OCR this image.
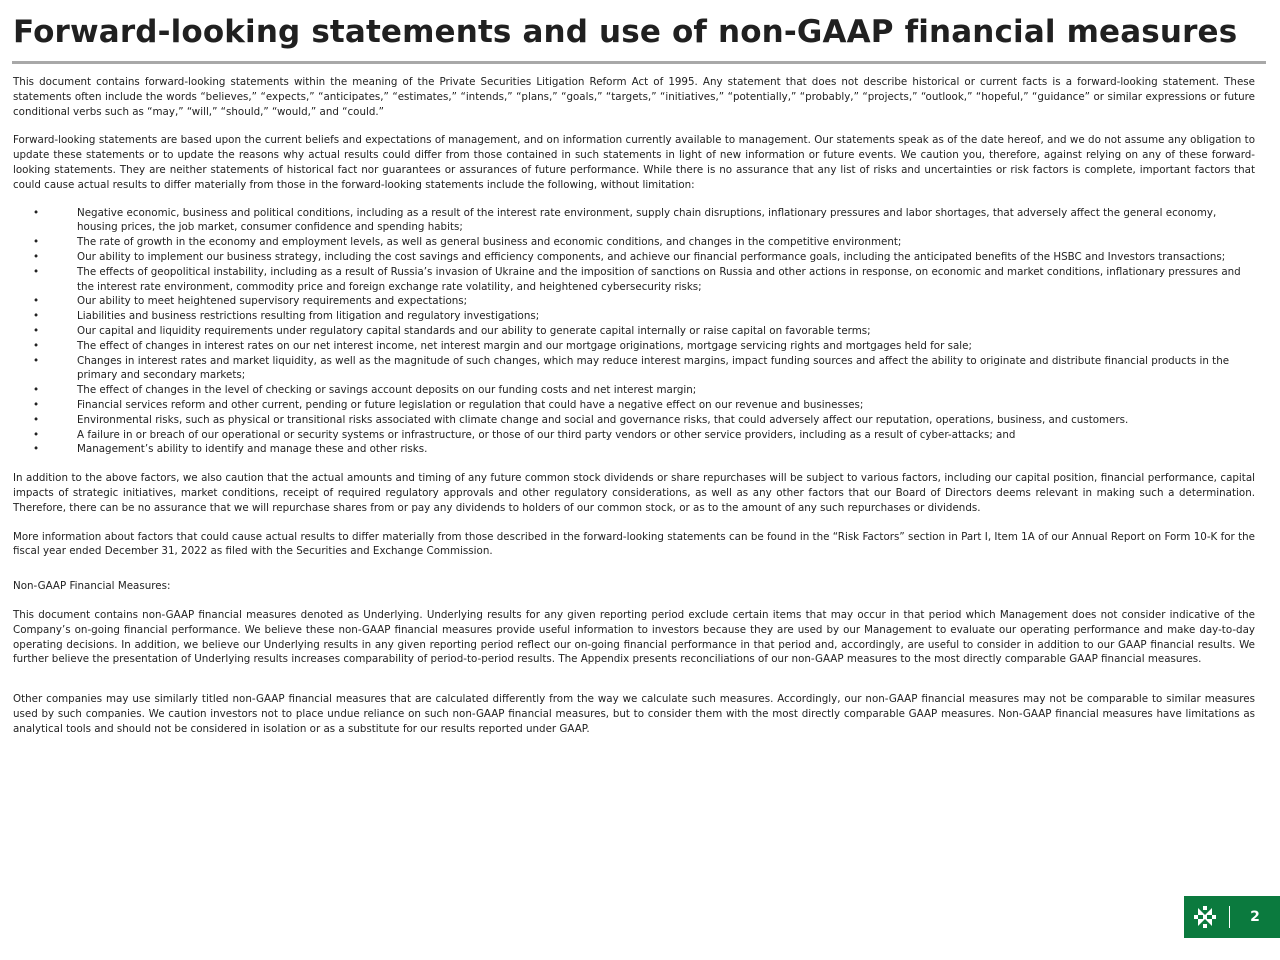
Forward-looking statements and use of non-GAAP financial measures

This document contains forward-looking statements within the meaning of the Private Securities Litigation Reform Act of 1995. Any statement that does not describe historical or current facts is a forward-looking statement. These statements often include the words “believes,” “expects,” “anticipates,” “estimates,” “intends,” “plans,” “goals,” “targets,” “initiatives,” “potentially,” “probably,” “projects,” “outlook,” “hopeful,” “guidance” or similar expressions or future conditional verbs such as “may,” “will,” “should,” “would,” and “could.”

Forward-looking statements are based upon the current beliefs and expectations of management, and on information currently available to management. Our statements speak as of the date hereof, and we do not assume any obligation to update these statements or to update the reasons why actual results could differ from those contained in such statements in light of new information or future events. We caution you, therefore, against relying on any of these forward-looking statements. They are neither statements of historical fact nor guarantees or assurances of future performance. While there is no assurance that any list of risks and uncertainties or risk factors is complete, important factors that could cause actual results to differ materially from those in the forward-looking statements include the following, without limitation:

• Negative economic, business and political conditions, including as a result of the interest rate environment, supply chain disruptions, inflationary pressures and labor shortages, that adversely affect the general economy, housing prices, the job market, consumer confidence and spending habits;
• The rate of growth in the economy and employment levels, as well as general business and economic conditions, and changes in the competitive environment;
• Our ability to implement our business strategy, including the cost savings and efficiency components, and achieve our financial performance goals, including the anticipated benefits of the HSBC and Investors transactions;
• The effects of geopolitical instability, including as a result of Russia’s invasion of Ukraine and the imposition of sanctions on Russia and other actions in response, on economic and market conditions, inflationary pressures and the interest rate environment, commodity price and foreign exchange rate volatility, and heightened cybersecurity risks;
• Our ability to meet heightened supervisory requirements and expectations;
• Liabilities and business restrictions resulting from litigation and regulatory investigations;
• Our capital and liquidity requirements under regulatory capital standards and our ability to generate capital internally or raise capital on favorable terms;
• The effect of changes in interest rates on our net interest income, net interest margin and our mortgage originations, mortgage servicing rights and mortgages held for sale;
• Changes in interest rates and market liquidity, as well as the magnitude of such changes, which may reduce interest margins, impact funding sources and affect the ability to originate and distribute financial products in the primary and secondary markets;
• The effect of changes in the level of checking or savings account deposits on our funding costs and net interest margin;
• Financial services reform and other current, pending or future legislation or regulation that could have a negative effect on our revenue and businesses;
• Environmental risks, such as physical or transitional risks associated with climate change and social and governance risks, that could adversely affect our reputation, operations, business, and customers.
• A failure in or breach of our operational or security systems or infrastructure, or those of our third party vendors or other service providers, including as a result of cyber-attacks; and
• Management’s ability to identify and manage these and other risks.

In addition to the above factors, we also caution that the actual amounts and timing of any future common stock dividends or share repurchases will be subject to various factors, including our capital position, financial performance, capital impacts of strategic initiatives, market conditions, receipt of required regulatory approvals and other regulatory considerations, as well as any other factors that our Board of Directors deems relevant in making such a determination. Therefore, there can be no assurance that we will repurchase shares from or pay any dividends to holders of our common stock, or as to the amount of any such repurchases or dividends.

More information about factors that could cause actual results to differ materially from those described in the forward-looking statements can be found in the “Risk Factors” section in Part I, Item 1A of our Annual Report on Form 10-K for the fiscal year ended December 31, 2022 as filed with the Securities and Exchange Commission.

Non-GAAP Financial Measures:

This document contains non-GAAP financial measures denoted as Underlying. Underlying results for any given reporting period exclude certain items that may occur in that period which Management does not consider indicative of the Company’s on-going financial performance. We believe these non-GAAP financial measures provide useful information to investors because they are used by our Management to evaluate our operating performance and make day-to-day operating decisions. In addition, we believe our Underlying results in any given reporting period reflect our on-going financial performance in that period and, accordingly, are useful to consider in addition to our GAAP financial results. We further believe the presentation of Underlying results increases comparability of period-to-period results. The Appendix presents reconciliations of our non-GAAP measures to the most directly comparable GAAP financial measures.

Other companies may use similarly titled non-GAAP financial measures that are calculated differently from the way we calculate such measures. Accordingly, our non-GAAP financial measures may not be comparable to similar measures used by such companies. We caution investors not to place undue reliance on such non-GAAP financial measures, but to consider them with the most directly comparable GAAP measures. Non-GAAP financial measures have limitations as analytical tools and should not be considered in isolation or as a substitute for our results reported under GAAP.

2
